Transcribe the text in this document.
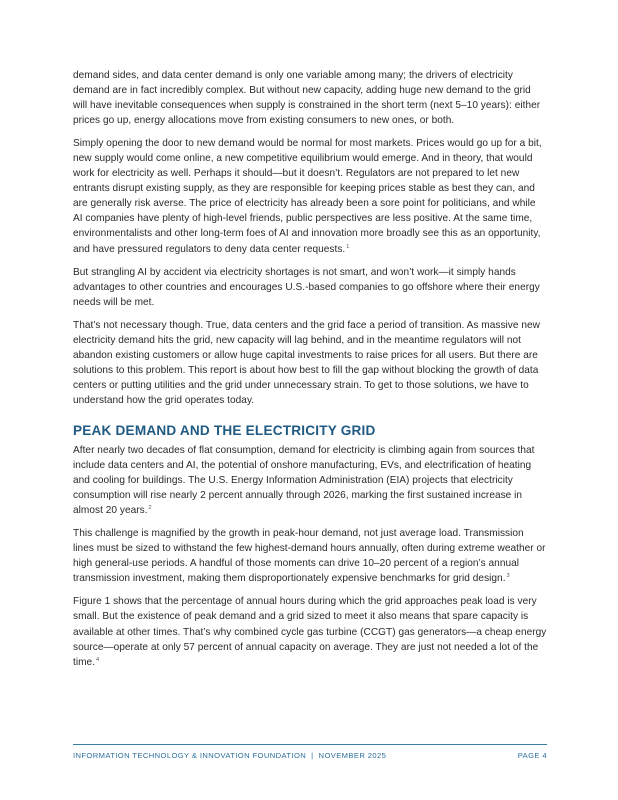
demand sides, and data center demand is only one variable among many; the drivers of electricity demand are in fact incredibly complex. But without new capacity, adding huge new demand to the grid will have inevitable consequences when supply is constrained in the short term (next 5–10 years): either prices go up, energy allocations move from existing consumers to new ones, or both.

Simply opening the door to new demand would be normal for most markets. Prices would go up for a bit, new supply would come online, a new competitive equilibrium would emerge. And in theory, that would work for electricity as well. Perhaps it should—but it doesn’t. Regulators are not prepared to let new entrants disrupt existing supply, as they are responsible for keeping prices stable as best they can, and are generally risk averse. The price of electricity has already been a sore point for politicians, and while AI companies have plenty of high-level friends, public perspectives are less positive. At the same time, environmentalists and other long-term foes of AI and innovation more broadly see this as an opportunity, and have pressured regulators to deny data center requests.$^1$

But strangling AI by accident via electricity shortages is not smart, and won’t work—it simply hands advantages to other countries and encourages U.S.-based companies to go offshore where their energy needs will be met.

That’s not necessary though. True, data centers and the grid face a period of transition. As massive new electricity demand hits the grid, new capacity will lag behind, and in the meantime regulators will not abandon existing customers or allow huge capital investments to raise prices for all users. But there are solutions to this problem. This report is about how best to fill the gap without blocking the growth of data centers or putting utilities and the grid under unnecessary strain. To get to those solutions, we have to understand how the grid operates today.

PEAK DEMAND AND THE ELECTRICITY GRID

After nearly two decades of flat consumption, demand for electricity is climbing again from sources that include data centers and AI, the potential of onshore manufacturing, EVs, and electrification of heating and cooling for buildings. The U.S. Energy Information Administration (EIA) projects that electricity consumption will rise nearly 2 percent annually through 2026, marking the first sustained increase in almost 20 years.$^2$

This challenge is magnified by the growth in peak-hour demand, not just average load. Transmission lines must be sized to withstand the few highest-demand hours annually, often during extreme weather or high general-use periods. A handful of those moments can drive 10–20 percent of a region’s annual transmission investment, making them disproportionately expensive benchmarks for grid design.$^3$

Figure 1 shows that the percentage of annual hours during which the grid approaches peak load is very small. But the existence of peak demand and a grid sized to meet it also means that spare capacity is available at other times. That’s why combined cycle gas turbine (CCGT) gas generators—a cheap energy source—operate at only 57 percent of annual capacity on average. They are just not needed a lot of the time.$^4$

INFORMATION TECHNOLOGY & INNOVATION FOUNDATION  |  NOVEMBER 2025	PAGE 4
